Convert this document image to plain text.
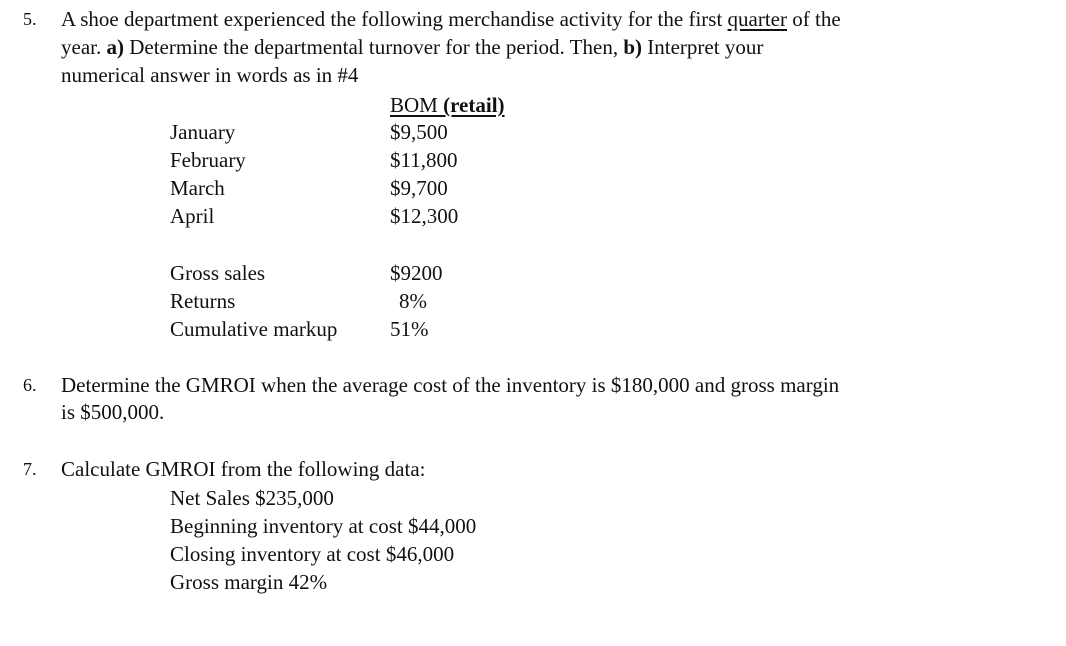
5. A shoe department experienced the following merchandise activity for the first quarter of the
year. a) Determine the departmental turnover for the period. Then, b) Interpret your
numerical answer in words as in #4
BOM (retail)
January	$9,500
February	$11,800
March	$9,700
April	$12,300
Gross sales	$9200
Returns	8%
Cumulative markup	51%
6. Determine the GMROI when the average cost of the inventory is $180,000 and gross margin
is $500,000.
7. Calculate GMROI from the following data:
Net Sales $235,000
Beginning inventory at cost $44,000
Closing inventory at cost $46,000
Gross margin 42%
